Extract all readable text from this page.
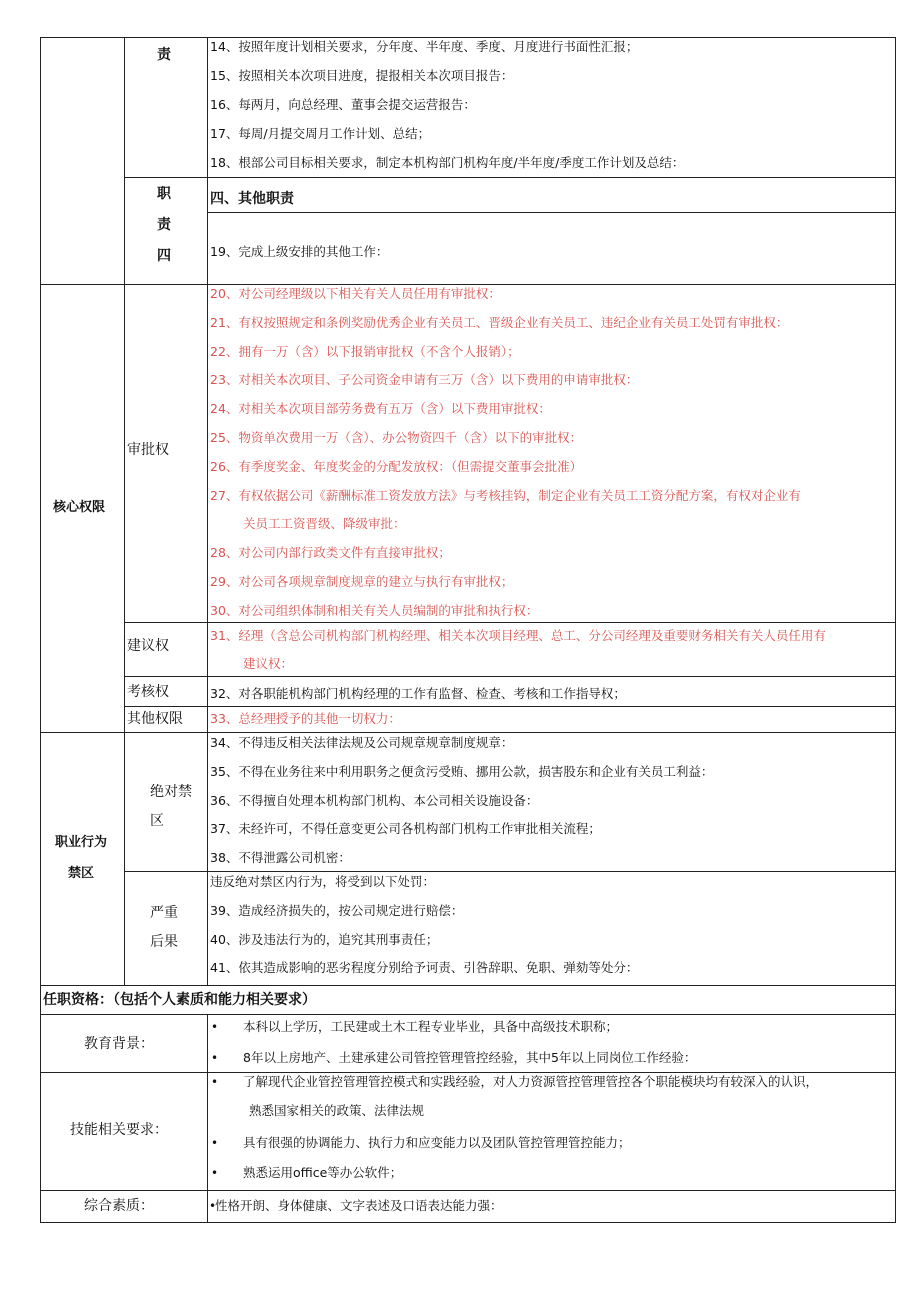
责
14、按照年度计划相关要求，分年度、半年度、季度、月度进行书面性汇报；
15、按照相关本次项目进度，提报相关本次项目报告：
16、每两月，向总经理、董事会提交运营报告：
17、每周/月提交周月工作计划、总结；
18、根部公司目标相关要求，制定本机构部门机构年度/半年度/季度工作计划及总结：
职
责
四
四、其他职责
19、完成上级安排的其他工作：
核心权限
审批权
20、对公司经理级以下相关有关人员任用有审批权：
21、有权按照规定和条例奖励优秀企业有关员工、晋级企业有关员工、违纪企业有关员工处罚有审批权：
22、拥有一万（含）以下报销审批权（不含个人报销）；
23、对相关本次项目、子公司资金申请有三万（含）以下费用的申请审批权：
24、对相关本次项目部劳务费有五万（含）以下费用审批权：
25、物资单次费用一万（含）、办公物资四千（含）以下的审批权：
26、有季度奖金、年度奖金的分配发放权：（但需提交董事会批准）
27、有权依据公司《薪酬标准工资发放方法》与考核挂钩，制定企业有关员工工资分配方案，有权对企业有
关员工工资晋级、降级审批：
28、对公司内部行政类文件有直接审批权；
29、对公司各项规章制度规章的建立与执行有审批权；
30、对公司组织体制和相关有关人员编制的审批和执行权：
建议权
31、经理（含总公司机构部门机构经理、相关本次项目经理、总工、分公司经理及重要财务相关有关人员任用有
建议权：
考核权	32、对各职能机构部门机构经理的工作有监督、检查、考核和工作指导权；
其他权限 33、总经理授予的其他一切权力：
职业行为
禁区
绝对禁
区
34、不得违反相关法律法规及公司规章规章制度规章：
35、不得在业务往来中利用职务之便贪污受贿、挪用公款，损害股东和企业有关员工利益：
36、不得擅自处理本机构部门机构、本公司相关设施设备：
37、未经许可，不得任意变更公司各机构部门机构工作审批相关流程；
38、不得泄露公司机密：
严重
后果
违反绝对禁区内行为，将受到以下处罚：
39、造成经济损失的，按公司规定进行赔偿：
40、涉及违法行为的，追究其刑事责任；
41、依其造成影响的恶劣程度分别给予诃责、引咎辞职、免职、弹劾等处分：
任职资格：（包括个人素质和能力相关要求）
教育背景：
• 本科以上学历，工民建或土木工程专业毕业，具备中高级技术职称；
• 8年以上房地产、土建承建公司管控管理管控经验，其中5年以上同岗位工作经验：
技能相关要求：
• 了解现代企业管控管理管控模式和实践经验，对人力资源管控管理管控各个职能模块均有较深入的认识，
熟悉国家相关的政策、法律法规
• 具有很强的协调能力、执行力和应变能力以及团队管控管理管控能力；
• 熟悉运用office等办公软件；
综合素质：	•
性格开朗、身体健康、文字表述及口语表达能力强：
